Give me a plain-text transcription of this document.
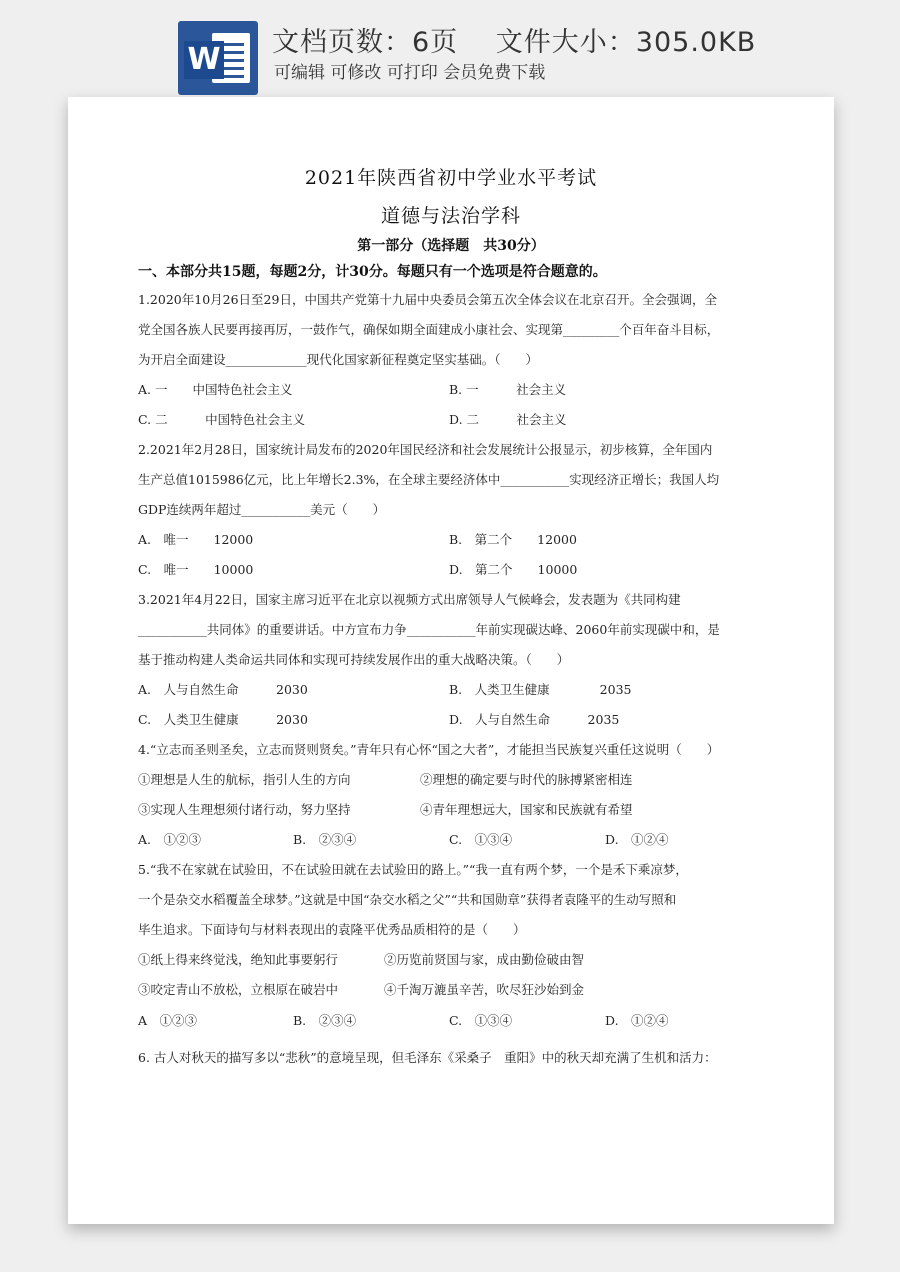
W 文档页数：6页　 文件大小：305.0KB
可编辑 可修改 可打印 会员免费下载
2021年陕西省初中学业水平考试
道德与法治学科
第一部分（选择题　共30分）
一、本部分共15题，每题2分，计30分。每题只有一个选项是符合题意的。
1.2020年10月26日至29日，中国共产党第十九届中央委员会第五次全体会议在北京召开。全会强调，全
党全国各族人民要再接再厉，一鼓作气，确保如期全面建成小康社会、实现第_________个百年奋斗目标，
为开启全面建设_____________现代化国家新征程奠定坚实基础。（　　）
A. 一　　中国特色社会主义	B. 一　　　社会主义
C. 二　　　中国特色社会主义	D. 二　　　社会主义
2.2021年2月28日，国家统计局发布的2020年国民经济和社会发展统计公报显示，初步核算，全年国内
生产总值1015986亿元，比上年增长2.3%，在全球主要经济体中___________实现经济正增长；我国人均
GDP连续两年超过___________美元（　　）
A.　唯一　　12000	B.　第二个　　12000
C.　唯一　　10000	D.　第二个　　10000
3.2021年4月22日，国家主席习近平在北京以视频方式出席领导人气候峰会，发表题为《共同构建
___________共同体》的重要讲话。中方宣布力争___________年前实现碳达峰、2060年前实现碳中和，是
基于推动构建人类命运共同体和实现可持续发展作出的重大战略决策。（　　）
A.　人与自然生命　　　2030	B.　人类卫生健康　　　　2035
C.　人类卫生健康　　　2030	D.　人与自然生命　　　2035
4.“立志而圣则圣矣，立志而贤则贤矣。”青年只有心怀“国之大者”，才能担当民族复兴重任这说明（　　）
①理想是人生的航标，指引人生的方向	②理想的确定要与时代的脉搏紧密相连
③实现人生理想须付诸行动，努力坚持	④青年理想远大，国家和民族就有希望
A.　①②③	B.　②③④	C.　①③④	D.　①②④
5.“我不在家就在试验田，不在试验田就在去试验田的路上。”“我一直有两个梦，一个是禾下乘凉梦，
一个是杂交水稻覆盖全球梦。”这就是中国“杂交水稻之父”“共和国勋章”获得者袁隆平的生动写照和
毕生追求。下面诗句与材料表现出的袁隆平优秀品质相符的是（　　）
①纸上得来终觉浅，绝知此事要躬行	②历览前贤国与家，成由勤俭破由智
③咬定青山不放松，立根原在破岩中	④千淘万漉虽辛苦，吹尽狂沙始到金
A　①②③	B.　②③④	C.　①③④	D.　①②④
6. 古人对秋天的描写多以“悲秋”的意境呈现，但毛泽东《采桑子　重阳》中的秋天却充满了生机和活力：
